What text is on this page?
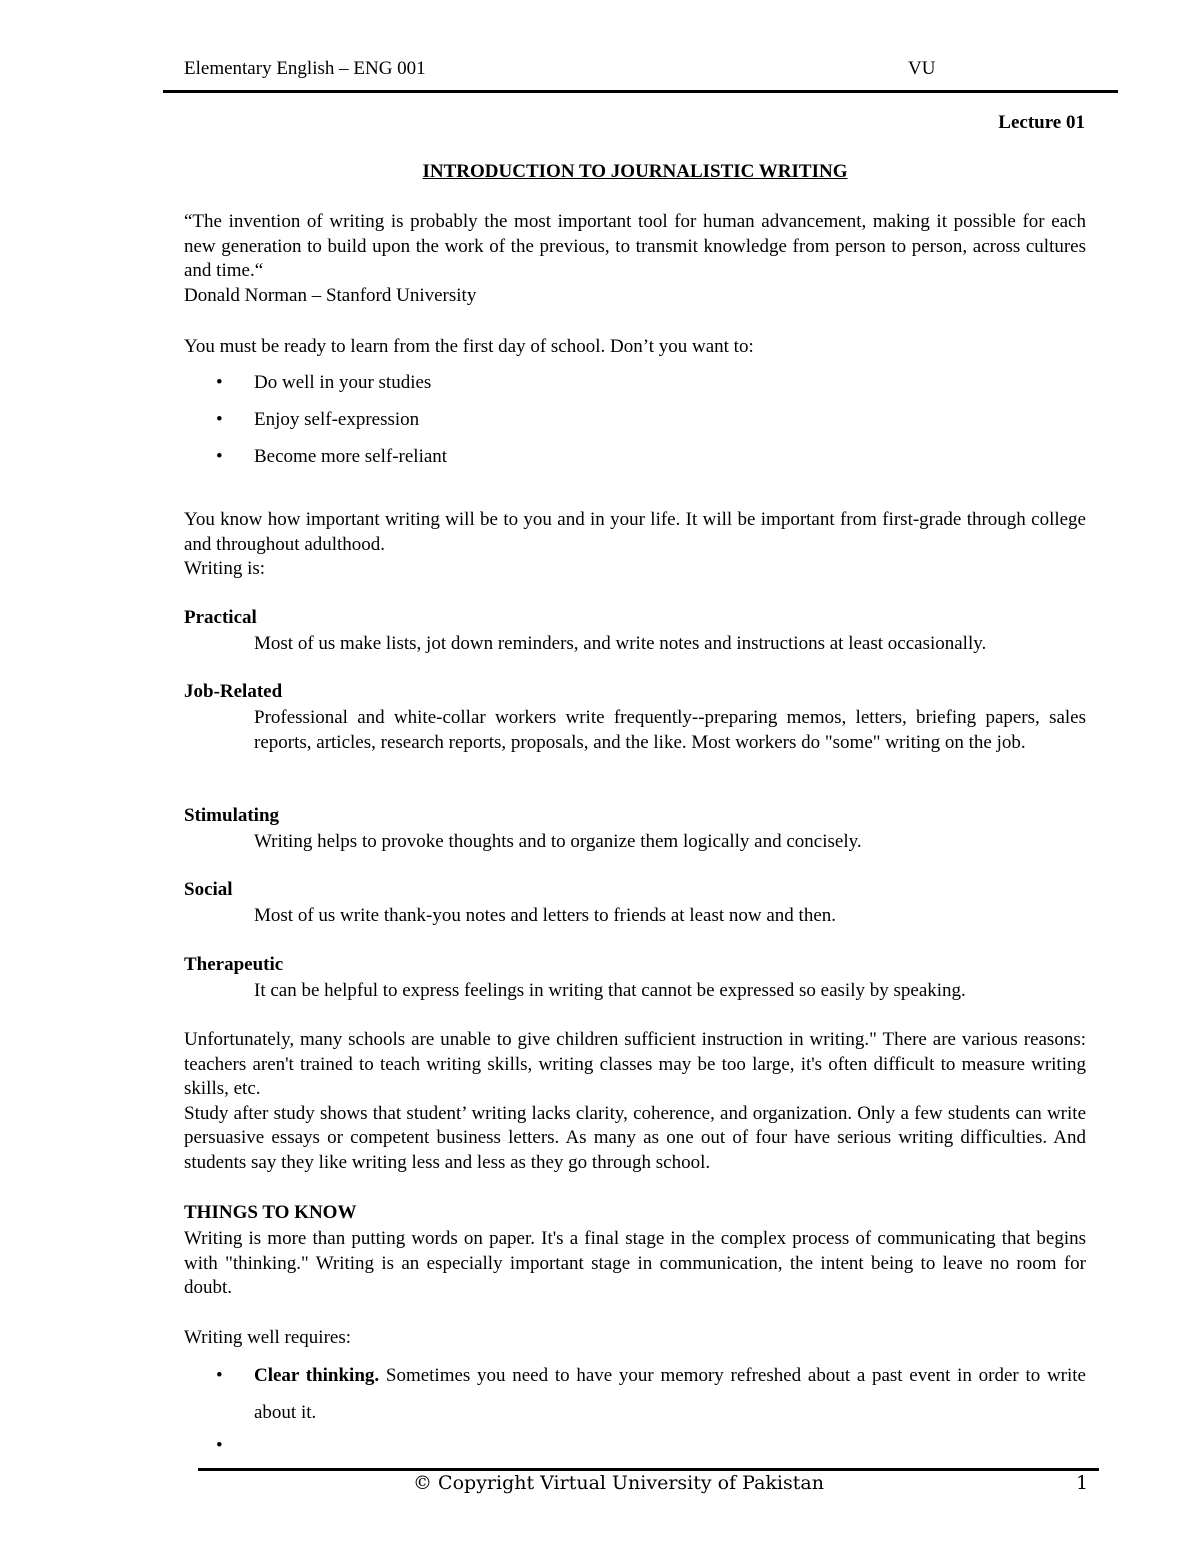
Elementary English – ENG 001	VU
Lecture 01
INTRODUCTION TO JOURNALISTIC WRITING

“The invention of writing is probably the most important tool for human advancement, making it possible for each new generation to build upon the work of the previous, to transmit knowledge from person to person, across cultures and time.“

Donald Norman – Stanford University

You must be ready to learn from the first day of school. Don’t you want to:
• Do well in your studies
• Enjoy self-expression
• Become more self-reliant

You know how important writing will be to you and in your life. It will be important from first-grade through college and throughout adulthood.

Writing is:

Practical
Most of us make lists, jot down reminders, and write notes and instructions at least occasionally.
Job-Related
Professional and white-collar workers write frequently--preparing memos, letters, briefing papers, sales reports, articles, research reports, proposals, and the like. Most workers do "some" writing on the job.
Stimulating
Writing helps to provoke thoughts and to organize them logically and concisely.
Social
Most of us write thank-you notes and letters to friends at least now and then.
Therapeutic
It can be helpful to express feelings in writing that cannot be expressed so easily by speaking.

Unfortunately, many schools are unable to give children sufficient instruction in writing." There are various reasons: teachers aren't trained to teach writing skills, writing classes may be too large, it's often difficult to measure writing skills, etc.

Study after study shows that student’ writing lacks clarity, coherence, and organization. Only a few students can write persuasive essays or competent business letters. As many as one out of four have serious writing difficulties. And students say they like writing less and less as they go through school.

THINGS TO KNOW
Writing is more than putting words on paper. It's a final stage in the complex process of communicating that begins with "thinking." Writing is an especially important stage in communication, the intent being to leave no room for doubt.
Writing well requires:
• Clear thinking. Sometimes you need to have your memory refreshed about a past event in order to write about it.
•

© Copyright Virtual University of Pakistan	1
